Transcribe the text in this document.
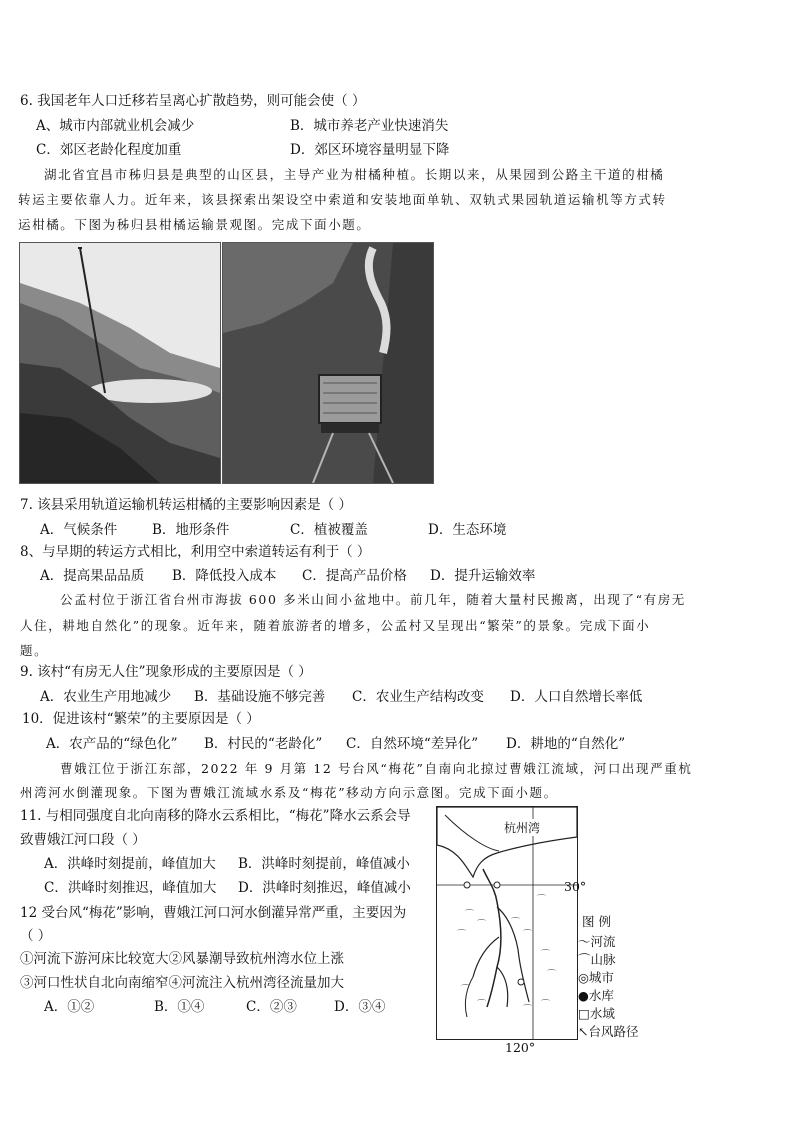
6. 我国老年人口迁移若呈离心扩散趋势，则可能会使（ ）
A、城市内部就业机会减少	B．城市养老产业快速消失
C．郊区老龄化程度加重	D．郊区环境容量明显下降
湖北省宜昌市秭归县是典型的山区县，主导产业为柑橘种植。长期以来，从果园到公路主干道的柑橘
转运主要依靠人力。近年来，该县探索出架设空中索道和安装地面单轨、双轨式果园轨道运输机等方式转
运柑橘。下图为秭归县柑橘运输景观图。完成下面小题。
7. 该县采用轨道运输机转运柑橘的主要影响因素是（ ）
A．气候条件	B．地形条件	C．植被覆盖	D．生态环境
8、与早期的转运方式相比，利用空中索道转运有利于（ ）
A．提高果品品质 B．降低投入成本 C．提高产品价格 D．提升运输效率
公孟村位于浙江省台州市海拔 600 多米山间小盆地中。前几年，随着大量村民搬离，出现了“有房无
人住，耕地自然化”的现象。近年来，随着旅游者的增多，公孟村又呈现出“繁荣”的景象。完成下面小
题。
9. 该村“有房无人住”现象形成的主要原因是（ ）
A．农业生产用地减少 B．基础设施不够完善 C．农业生产结构改变 D．人口自然增长率低
10．促进该村“繁荣”的主要原因是（ ）
A．农产品的“绿色化” B．村民的“老龄化” C．自然环境“差异化” D．耕地的“自然化”
曹娥江位于浙江东部，2022 年 9 月第 12 号台风“梅花”自南向北掠过曹娥江流域，河口出现严重杭
州湾河水倒灌现象。下图为曹娥江流域水系及“梅花”移动方向示意图。完成下面小题。
11. 与相同强度自北向南移的降水云系相比，“梅花”降水云系会导
致曹娥江河口段（ ）
A．洪峰时刻提前，峰值加大 B．洪峰时刻提前，峰值减小
C．洪峰时刻推迟，峰值加大 D．洪峰时刻推迟，峰值减小
12 受台风“梅花”影响，曹娥江河口河水倒灌异常严重，主要因为
（ ）
①河流下游河床比较宽大②风暴潮导致杭州湾水位上涨
③河口性状自北向南缩窄④河流注入杭州湾径流量加大
A．①②	B．①④	C．②③	D．③④
⌒
⌒
⌒
⌒
⌒
⌒
⌒
⌒
⌒
⌒	⌒ ⌒
杭州湾
30°
120°
图 例
〜河流
⌒山脉
◎城市
●水库
□水域
↖台风路径
